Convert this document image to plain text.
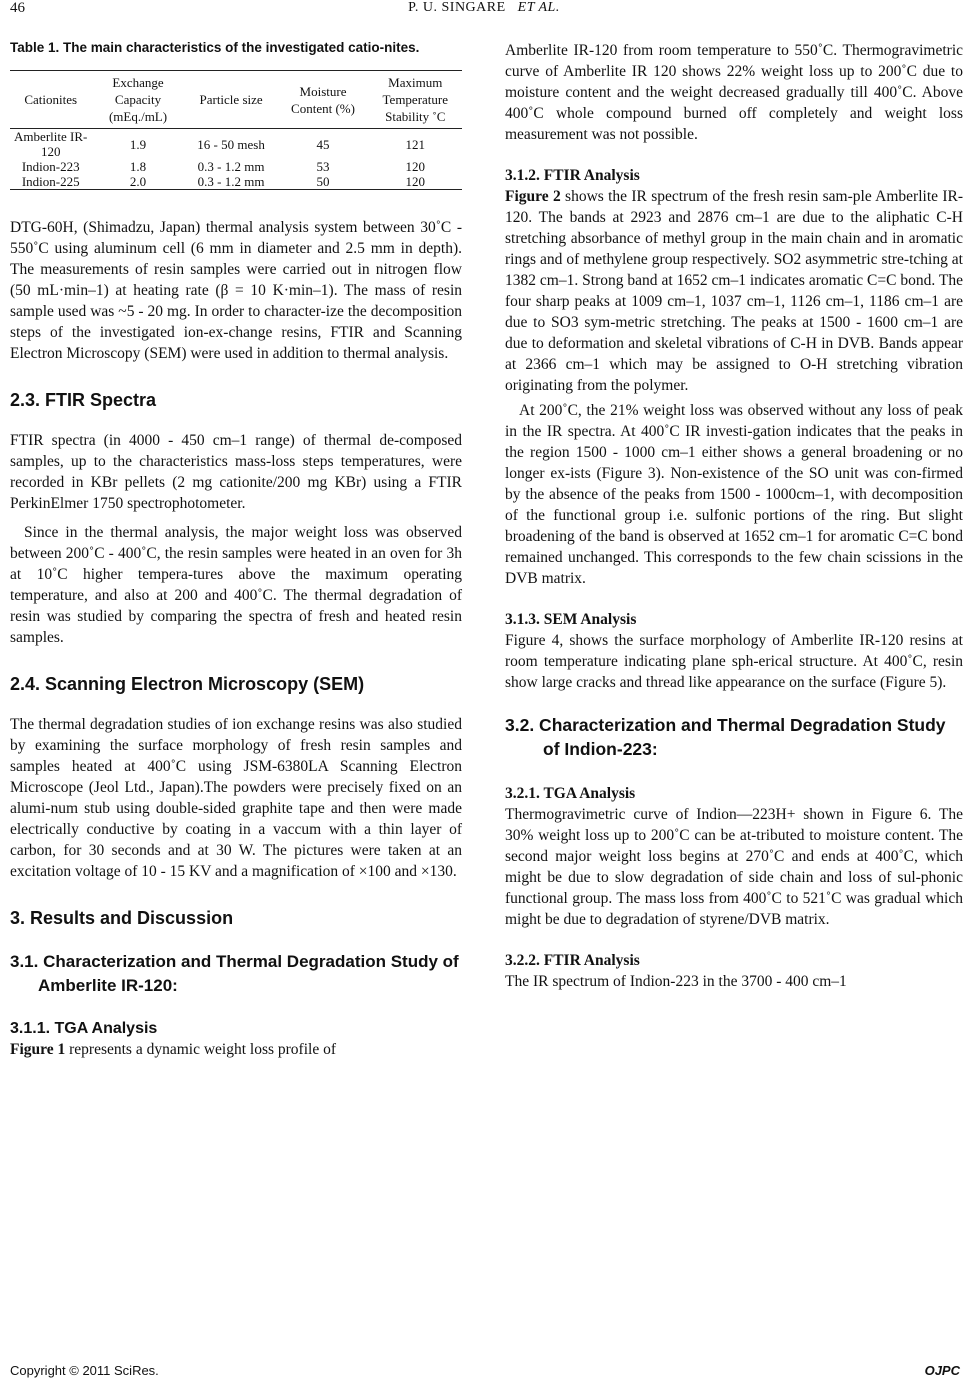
46	P. U. SINGARE ET AL.
Table 1. The main characteristics of the investigated catio-nites.
Cationites	Exchange Capacity (mEq./mL)	Particle size	Moisture Content (%)	Maximum Temperature Stability ˚C
Amberlite IR-120	1.9	16 - 50 mesh	45	121
Indion-223	1.8	0.3 - 1.2 mm	53	120
Indion-225	2.0	0.3 - 1.2 mm	50	120

DTG-60H, (Shimadzu, Japan) thermal analysis system between 30˚C - 550˚C using aluminum cell (6 mm in diameter and 2.5 mm in depth). The measurements of resin samples were carried out in nitrogen flow (50 mL·min–1) at heating rate (β = 10 K·min–1). The mass of resin sample used was ~5 - 20 mg. In order to character-ize the decomposition steps of the investigated ion-ex-change resins, FTIR and Scanning Electron Microscopy (SEM) were used in addition to thermal analysis.

2.3. FTIR Spectra

FTIR spectra (in 4000 - 450 cm–1 range) of thermal de-composed samples, up to the characteristics mass-loss steps temperatures, were recorded in KBr pellets (2 mg cationite/200 mg KBr) using a FTIR PerkinElmer 1750 spectrophotometer.

Since in the thermal analysis, the major weight loss was observed between 200˚C - 400˚C, the resin samples were heated in an oven for 3h at 10˚C higher tempera-tures above the maximum operating temperature, and also at 200 and 400˚C. The thermal degradation of resin was studied by comparing the spectra of fresh and heated resin samples.

2.4. Scanning Electron Microscopy (SEM)

The thermal degradation studies of ion exchange resins was also studied by examining the surface morphology of fresh resin samples and samples heated at 400˚C using JSM-6380LA Scanning Electron Microscope (Jeol Ltd., Japan).The powders were precisely fixed on an alumi-num stub using double-sided graphite tape and then were made electrically conductive by coating in a vaccum with a thin layer of carbon, for 30 seconds and at 30 W. The pictures were taken at an excitation voltage of 10 - 15 KV and a magnification of ×100 and ×130.

3. Results and Discussion
3.1. Characterization and Thermal Degradation Study of Amberlite IR-120:
3.1.1. TGA Analysis

Figure 1 represents a dynamic weight loss profile of

Amberlite IR-120 from room temperature to 550˚C. Thermogravimetric curve of Amberlite IR 120 shows 22% weight loss up to 200˚C due to moisture content and the weight decreased gradually till 400˚C. Above 400˚C whole compound burned off completely and weight loss measurement was not possible.

3.1.2. FTIR Analysis

Figure 2 shows the IR spectrum of the fresh resin sam-ple Amberlite IR-120. The bands at 2923 and 2876 cm–1 are due to the aliphatic C-H stretching absorbance of methyl group in the main chain and in aromatic rings and of methylene group respectively. SO2 asymmetric stre-tching at 1382 cm–1. Strong band at 1652 cm–1 indicates aromatic C=C bond. The four sharp peaks at 1009 cm–1, 1037 cm–1, 1126 cm–1, 1186 cm–1 are due to SO3 sym-metric stretching. The peaks at 1500 - 1600 cm–1 are due to deformation and skeletal vibrations of C-H in DVB. Bands appear at 2366 cm–1 which may be assigned to O-H stretching vibration originating from the polymer.

At 200˚C, the 21% weight loss was observed without any loss of peak in the IR spectra. At 400˚C IR investi-gation indicates that the peaks in the region 1500 - 1000 cm–1 either shows a general broadening or no longer ex-ists (Figure 3). Non-existence of the SO unit was con-firmed by the absence of the peaks from 1500 - 1000cm–1, with decomposition of the functional group i.e. sulfonic portions of the ring. But slight broadening of the band is observed at 1652 cm–1 for aromatic C=C bond remained unchanged. This corresponds to the few chain scissions in the DVB matrix.

3.1.3. SEM Analysis

Figure 4, shows the surface morphology of Amberlite IR-120 resins at room temperature indicating plane sph-erical structure. At 400˚C, resin show large cracks and thread like appearance on the surface (Figure 5).

3.2. Characterization and Thermal Degradation Study of Indion-223:
3.2.1. TGA Analysis

Thermogravimetric curve of Indion—223H+ shown in Figure 6. The 30% weight loss up to 200˚C can be at-tributed to moisture content. The second major weight loss begins at 270˚C and ends at 400˚C, which might be due to slow degradation of side chain and loss of sul-phonic functional group. The mass loss from 400˚C to 521˚C was gradual which might be due to degradation of styrene/DVB matrix.

3.2.2. FTIR Analysis

The IR spectrum of Indion-223 in the 3700 - 400 cm–1

Copyright © 2011 SciRes.	OJPC
